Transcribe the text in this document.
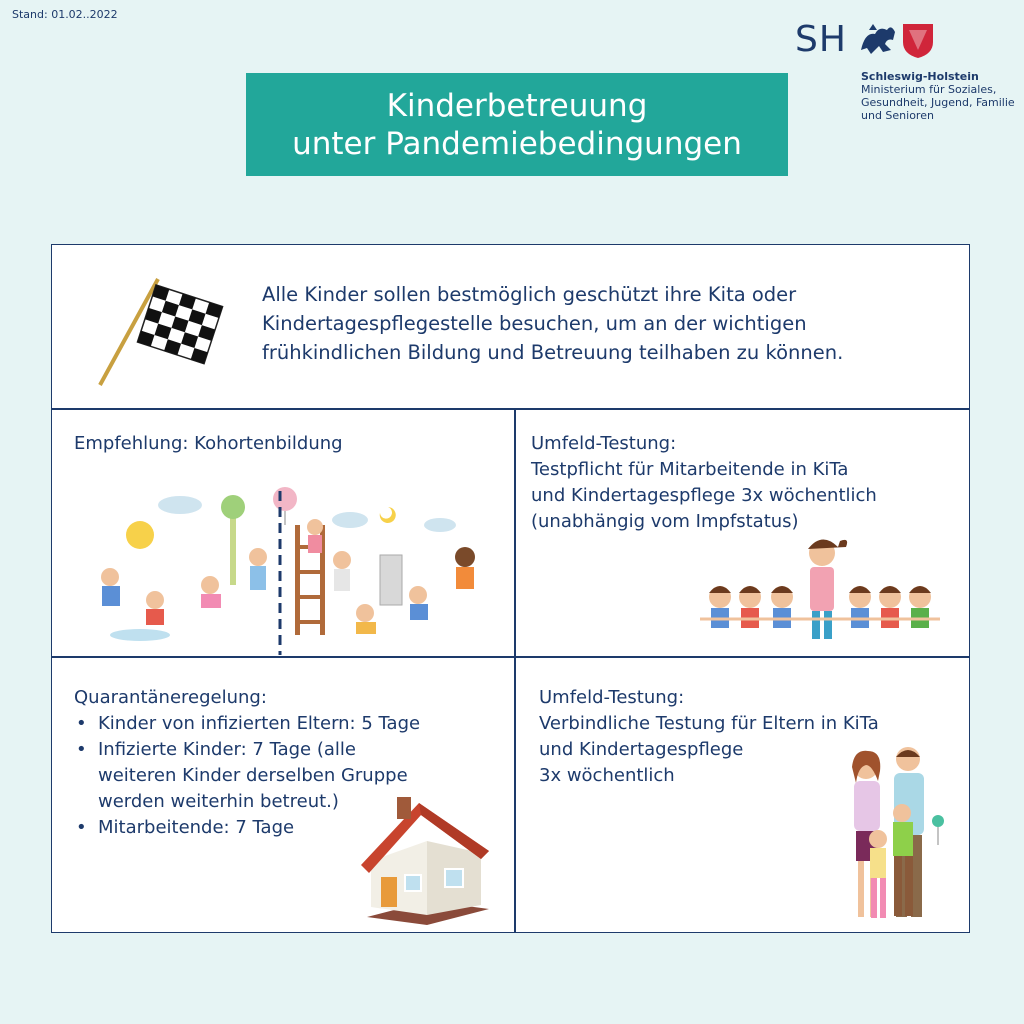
Stand: 01.02..2022
SH
Schleswig-Holstein
Ministerium für Soziales,
Gesundheit, Jugend, Familie
und Senioren
Kinderbetreuung
unter Pandemiebedingungen
Alle Kinder sollen bestmöglich geschützt ihre Kita oder
Kindertagespflegestelle besuchen, um an der wichtigen
frühkindlichen Bildung und Betreuung teilhaben zu können.
Empfehlung: Kohortenbildung	Umfeld-Testung:
Testpflicht für Mitarbeitende in KiTa
und Kindertagespflege 3x wöchentlich
(unabhängig vom Impfstatus)
Quarantäneregelung:
• Kinder von infizierten Eltern: 5 Tage
• Infizierte Kinder: 7 Tage (alle
weiteren Kinder derselben Gruppe
werden weiterhin betreut.)
• Mitarbeitende: 7 Tage
Umfeld-Testung:
Verbindliche Testung für Eltern in KiTa
und Kindertagespflege
3x wöchentlich
